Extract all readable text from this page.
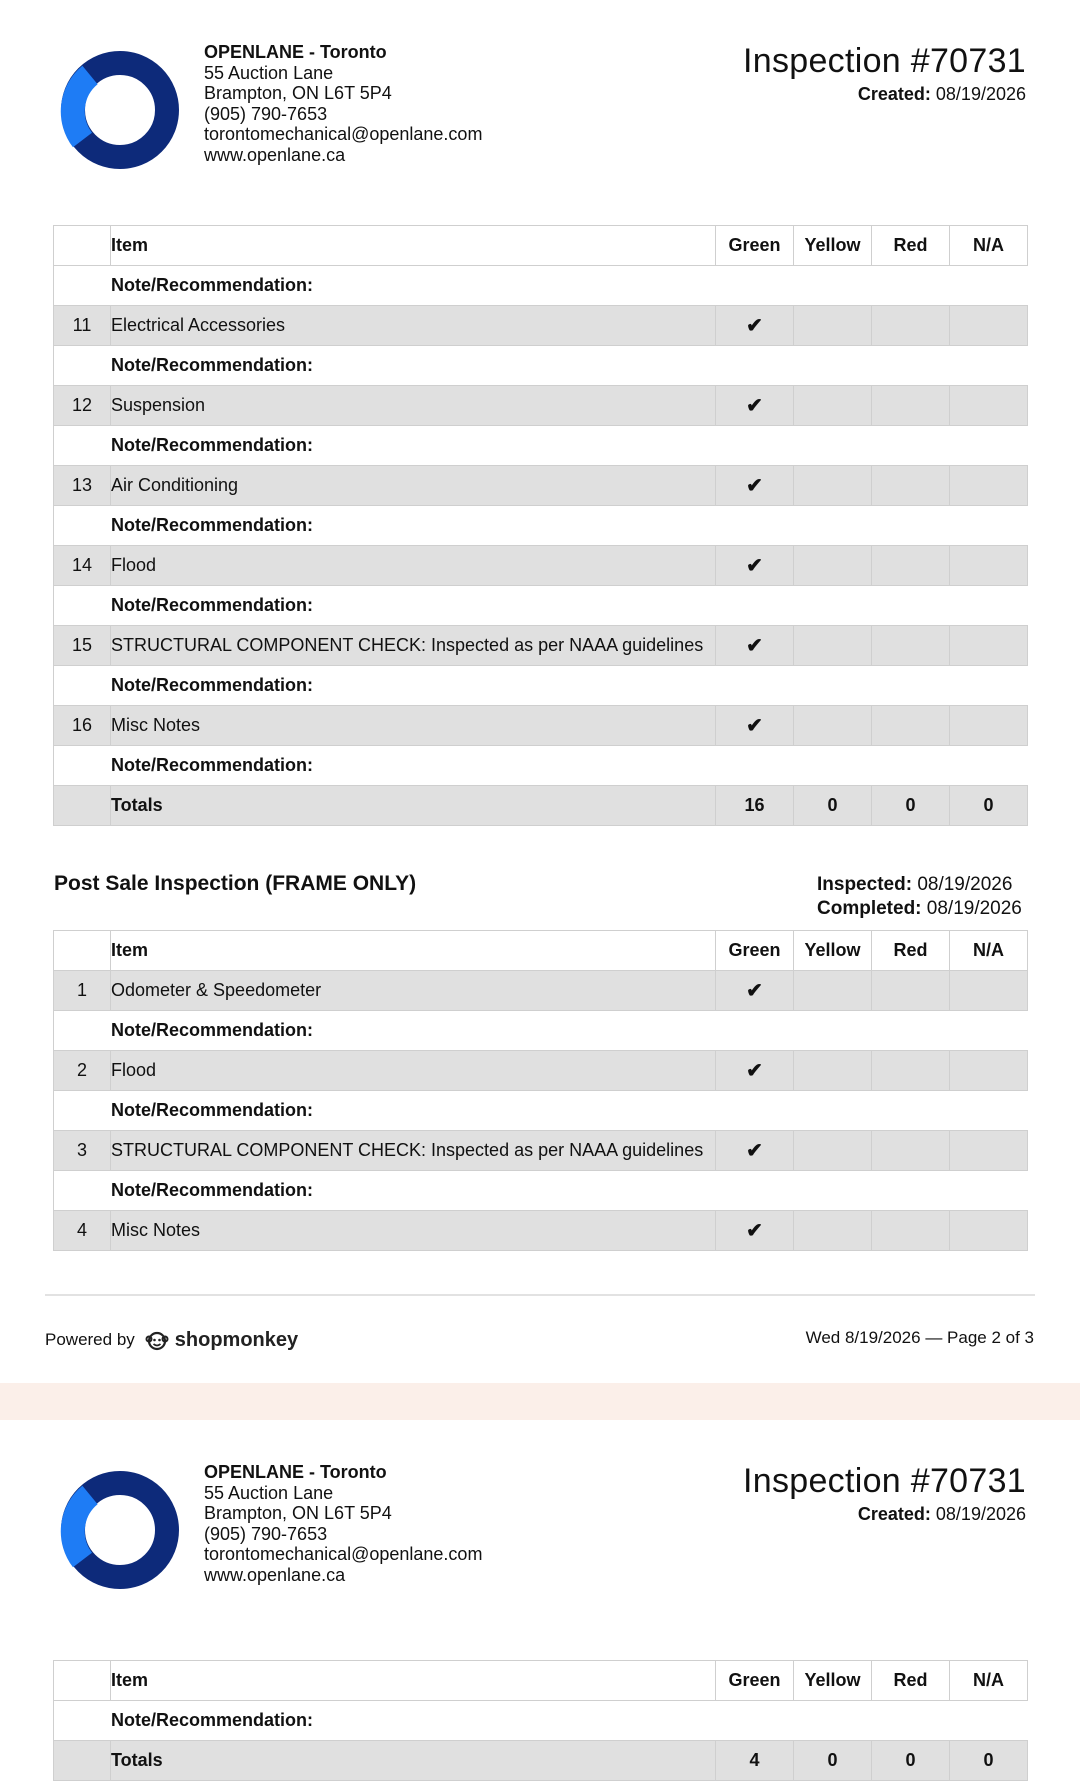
OPENLANE - Toronto
55 Auction Lane
Brampton, ON L6T 5P4
(905) 790-7653
torontomechanical@openlane.com
www.openlane.ca
Inspection #70731
Created: 08/19/2026
	Item	Green	Yellow	Red	N/A
	Note/Recommendation:				
11	Electrical Accessories	✔			
	Note/Recommendation:				
12	Suspension	✔			
	Note/Recommendation:				
13	Air Conditioning	✔			
	Note/Recommendation:				
14	Flood	✔			
	Note/Recommendation:				
15	STRUCTURAL COMPONENT CHECK: Inspected as per NAAA guidelines	✔			
	Note/Recommendation:				
16	Misc Notes	✔			
	Note/Recommendation:				
	Totals	16	0	0	0
Post Sale Inspection (FRAME ONLY)	Inspected: 08/19/2026
Completed: 08/19/2026
	Item	Green	Yellow	Red	N/A
1	Odometer & Speedometer	✔			
	Note/Recommendation:				
2	Flood	✔			
	Note/Recommendation:				
3	STRUCTURAL COMPONENT CHECK: Inspected as per NAAA guidelines	✔			
	Note/Recommendation:				
4	Misc Notes	✔			
Powered by shopmonkey	Wed 8/19/2026 — Page 2 of 3
OPENLANE - Toronto
55 Auction Lane
Brampton, ON L6T 5P4
(905) 790-7653
torontomechanical@openlane.com
www.openlane.ca
Inspection #70731
Created: 08/19/2026
	Item	Green	Yellow	Red	N/A
	Note/Recommendation:				
	Totals	4	0	0	0
